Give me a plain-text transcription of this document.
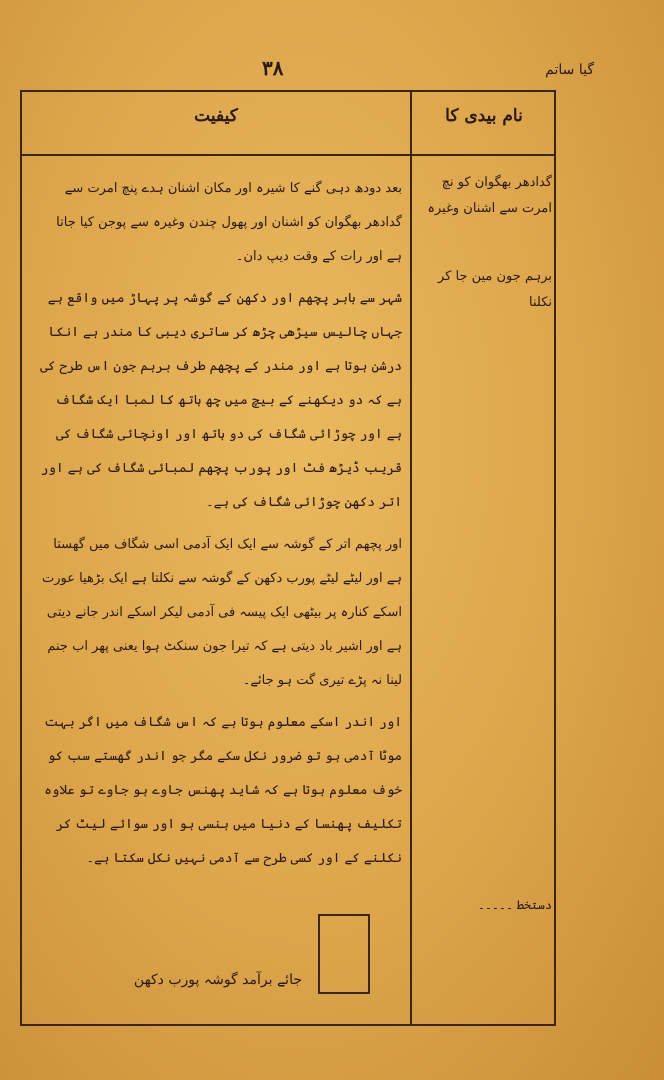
گیا ساتم
۳۸
نام بیدی کا
کیفیت
گدادھر بھگوان کو نچ امرت سے اشنان وغیرہ
برہم جون مین جا کر نکلنا
دستخط ۔۔۔۔۔

بعد دودھ دہی گنے کا شیرہ اور مکان اشنان ہدے پنچ امرت سے گدادھر بھگوان کو اشنان اور پھول چندن وغیرہ سے پوجن کیا جاتا ہے اور رات کے وقت دیپ دان۔

شہر سے باہر پچھم اور دکھن کے گوشہ پر پہاڑ میں واقع ہے جہاں چالیس سیڑھی چڑھ کر ساتری دیبی کا مندر ہے انکا درشن ہوتا ہے اور مندر کے پچھم طرف برہم جون اس طرح کی ہے کہ دو دیکھنے کے بیچ میں چھ ہاتھ کا لمبا ایک شگاف ہے اور چوڑائی شگاف کی دو ہاتھ اور اونچائی شگاف کی قریب ڈیڑھ فٹ اور پورب پچھم لمبائی شگاف کی ہے اور اتر دکھن چوڑائی شگاف کی ہے۔

اور پچھم اتر کے گوشہ سے ایک ایک آدمی اسی شگاف میں گھستا ہے اور لیٹے لیٹے پورب دکھن کے گوشہ سے نکلتا ہے ایک بڑھیا عورت اسکے کنارہ پر بیٹھی ایک پیسہ فی آدمی لیکر اسکے اندر جانے دیتی ہے اور اشیر باد دیتی ہے کہ تیرا جون سنکٹ ہوا یعنی پھر اب جنم لینا نہ پڑے تیری گت ہو جائے۔

اور اندر اسکے معلوم ہوتا ہے کہ اس شگاف میں اگر بہت موٹا آدمی ہو تو ضرور نکل سکے مگر جو اندر گھستے سب کو خوف معلوم ہوتا ہے کہ شاید پھنس جاوے ہو جاوے تو علاوہ تکلیف پھنسا کے دنیا میں ہنسی ہو اور سوائے لیٹ کر نکلنے کے اور کسی طرح سے آدمی نہیں نکل سکتا ہے۔

جائے برآمد گوشہ پورب دکھن
